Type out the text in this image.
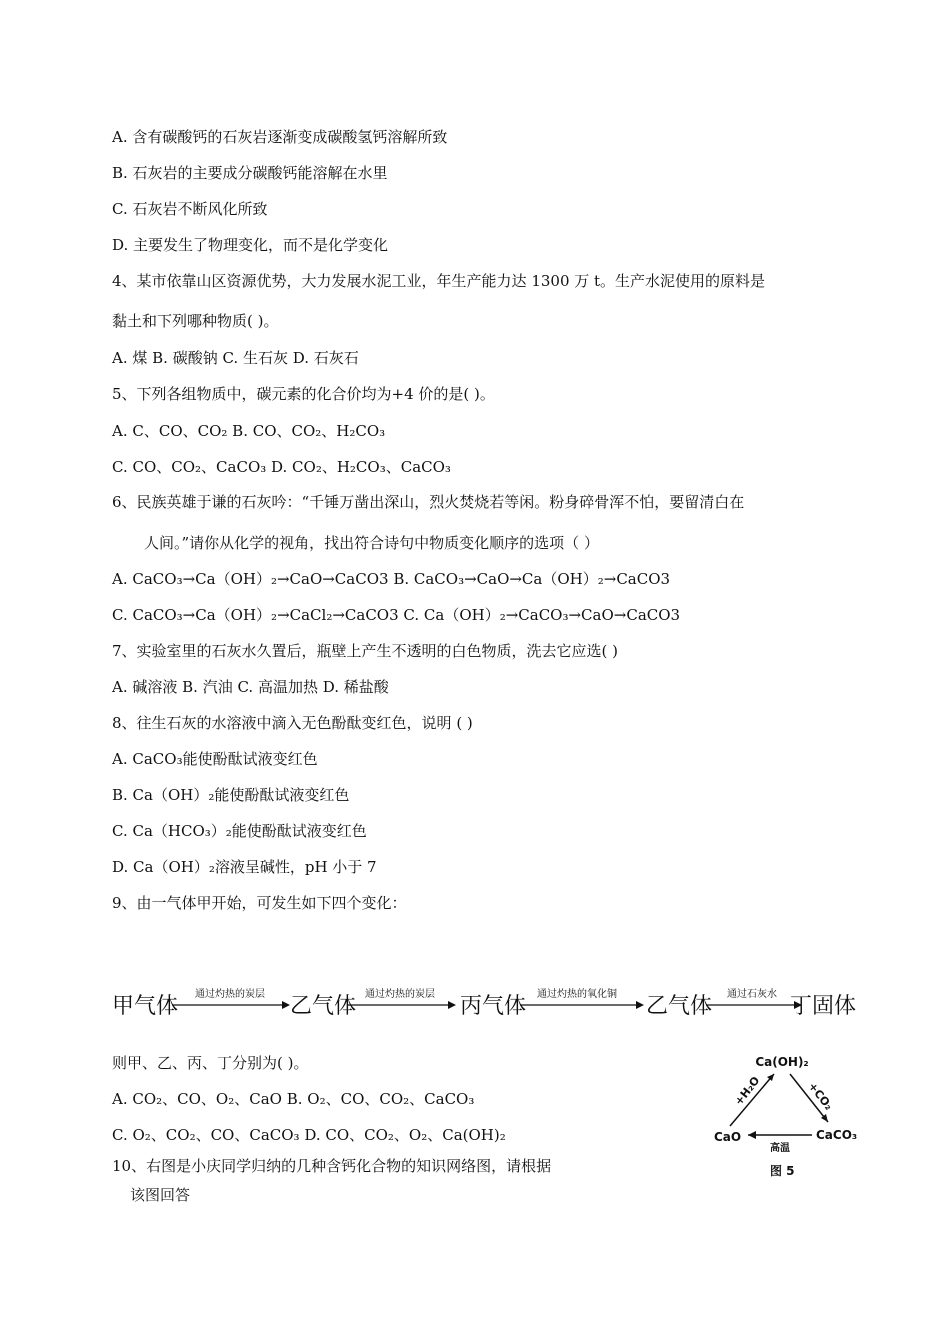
A. 含有碳酸钙的石灰岩逐渐变成碳酸氢钙溶解所致
B. 石灰岩的主要成分碳酸钙能溶解在水里
C. 石灰岩不断风化所致
D. 主要发生了物理变化，而不是化学变化
4、某市依靠山区资源优势，大力发展水泥工业，年生产能力达 1300 万 t。生产水泥使用的原料是
黏土和下列哪种物质( )。
A. 煤 B. 碳酸钠 C. 生石灰 D. 石灰石
5、下列各组物质中，碳元素的化合价均为+4 价的是( )。
A. C、CO、CO₂ B. CO、CO₂、H₂CO₃
C. CO、CO₂、CaCO₃ D. CO₂、H₂CO₃、CaCO₃
6、民族英雄于谦的石灰吟：“千锤万凿出深山，烈火焚烧若等闲。粉身碎骨浑不怕，要留清白在
人间。”请你从化学的视角，找出符合诗句中物质变化顺序的选项（ ）
A. CaCO₃→Ca（OH）₂→CaO→CaCO3 B. CaCO₃→CaO→Ca（OH）₂→CaCO3
C. CaCO₃→Ca（OH）₂→CaCl₂→CaCO3 C. Ca（OH）₂→CaCO₃→CaO→CaCO3
7、实验室里的石灰水久置后，瓶壁上产生不透明的白色物质，洗去它应选( )
A. 碱溶液 B. 汽油 C. 高温加热 D. 稀盐酸
8、往生石灰的水溶液中滴入无色酚酞变红色，说明 ( )
A. CaCO₃能使酚酞试液变红色
B. Ca（OH）₂能使酚酞试液变红色
C. Ca（HCO₃）₂能使酚酞试液变红色
D. Ca（OH）₂溶液呈碱性，pH 小于 7
9、由一气体甲开始，可发生如下四个变化：
甲气体 通过灼热的炭层 乙气体 通过灼热的炭层 丙气体 通过灼热的氧化铜 乙气体 通过石灰水 丁固体
则甲、乙、丙、丁分别为( )。
A. CO₂、CO、O₂、CaO B. O₂、CO、CO₂、CaCO₃
C. O₂、CO₂、CO、CaCO₃ D. CO、CO₂、O₂、Ca(OH)₂
10、右图是小庆同学归纳的几种含钙化合物的知识网络图，请根据
该图回答
Ca(OH)₂
CaO	CaCO₃
+H₂O	+CO₂
高温
图 5
